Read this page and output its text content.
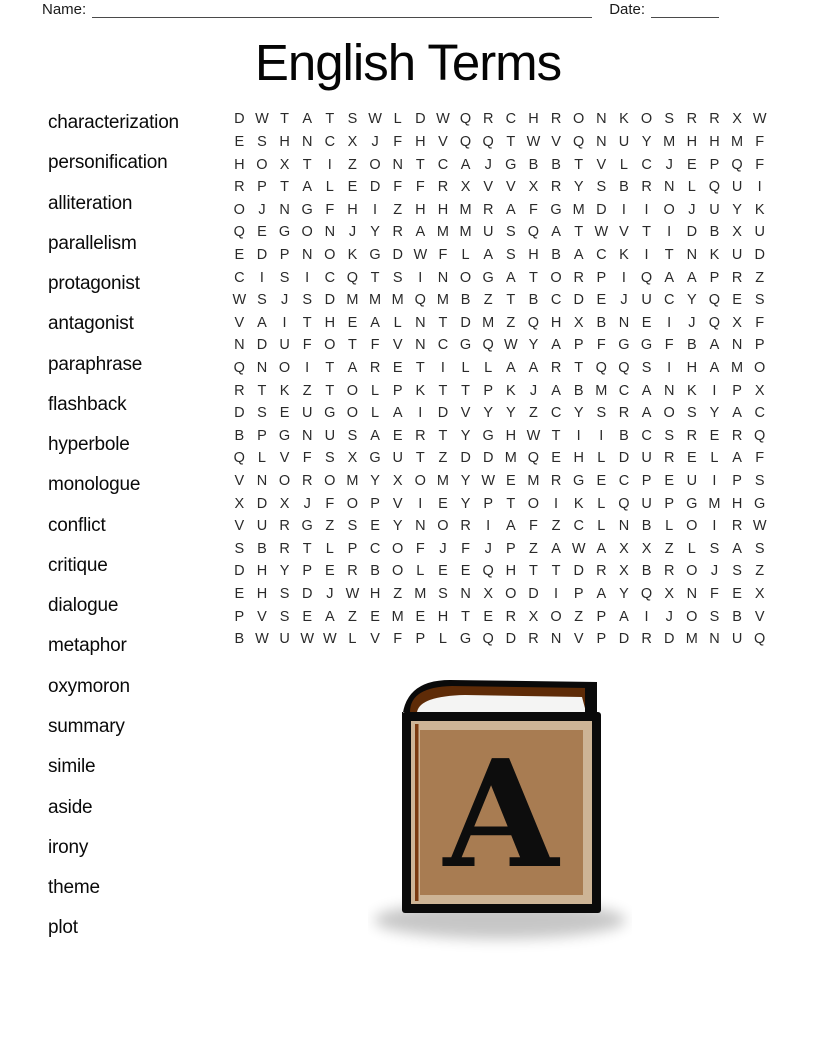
Name:	Date:
English Terms
characterization
personification
alliteration
parallelism
protagonist
antagonist
paraphrase
flashback
hyperbole
monologue
conflict
critique
dialogue
metaphor
oxymoron
summary
simile
aside
irony
theme
plot
D W T A T S W L D W Q R C H R O N K O S R R X W
E S H N C X J	F H V Q Q T W V Q N U Y M H H M F
H O X T	I	Z O N T C A J G B B T V L C J E P Q F
R P T A L E D F F R X V V X R Y S B R N L Q U	I
O J N G F H	I	Z H H M R A F G M D	I	I	O J U Y K
Q E G O N J Y R A M M U S Q A T W V T	I	D B X U
E D P N O K G D W F L A S H B A C K	I	T N K U D
C	I	S	I	C Q T S	I	N O G A T O R P	I	Q A A P R Z
W S J S D M M M Q M B Z T B C D E J U C Y Q E S
V A	I	T H E A L N T D M Z Q H X B N E	I	J Q X F
N D U F O T F V N C G Q W Y A P F G G F B A N P
Q N O	I	T A R E T	I	L	L A A R T Q Q S	I	H A M O
R T K Z T O L P K T T P K J A B M C A N K	I	P X
D S E U G O L A	I	D V Y Y Z C Y S R A O S Y A C
B P G N U S A E R T Y G H W T	I	I	B C S R E R Q
Q L V F S X G U T Z D D M Q E H L D U R E L A F
V N O R O M Y X O M Y W E M R G E C P E U	I	P S
X D X J	F O P V	I	E Y P T O	I	K L Q U P G M H G
V U R G Z S E Y N O R	I	A F Z C L N B L O	I	R W
S B R T L P C O F	J	F	J P Z A W A X X Z L S A S
D H Y P E R B O L E E Q H T T D R X B R O J S Z
E H S D J W H Z M S N X O D	I	P A Y Q X N F E X
P V S E A Z E M E H T E R X O Z P A	I	J O S B V
B W U W W L V F P L G Q D R N V P D R D M N U Q
A
